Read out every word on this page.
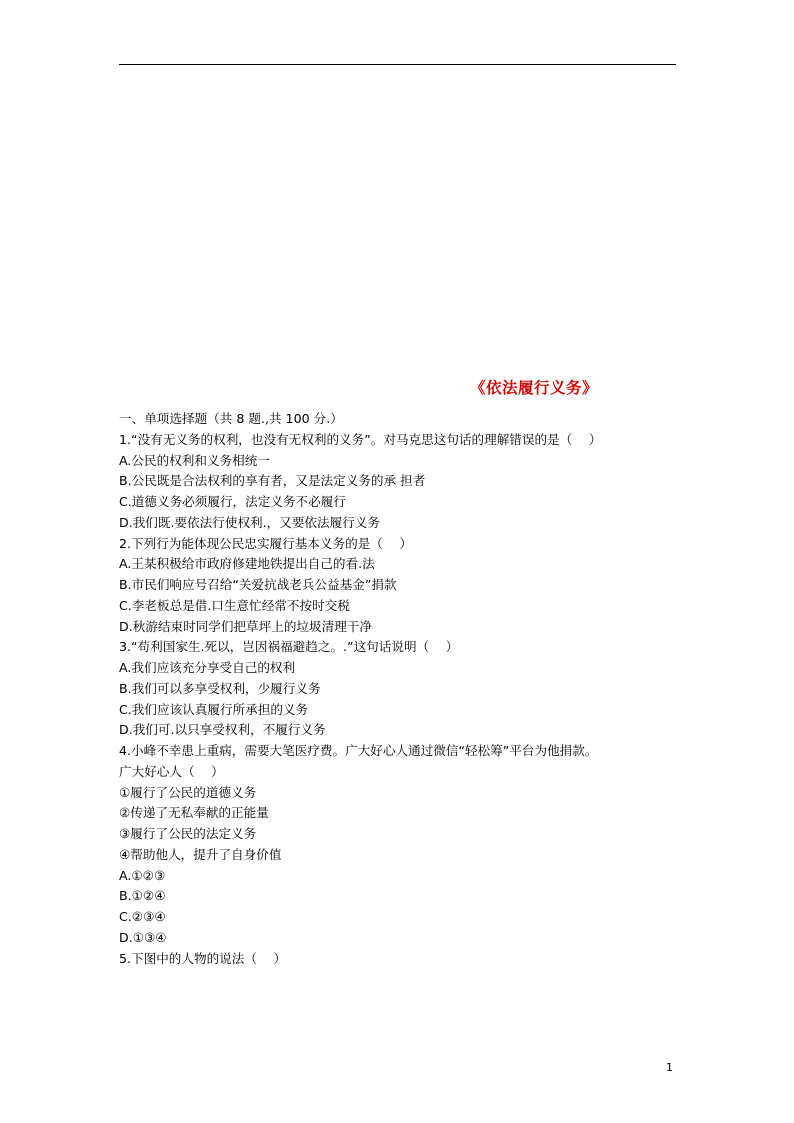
《依法履行义务》
一、单项选择题（共 8 题.,共 100 分.）
1.“没有无义务的权利，也没有无权利的义务”。对马克思这句话的理解错误的是（　 ）
A.公民的权利和义务相统一
B.公民既是合法权利的享有者，又是法定义务的承 担者
C.道德义务必须履行，法定义务不必履行
D.我们既.要依法行使权利.，又要依法履行义务
2.下列行为能体现公民忠实履行基本义务的是（　 ）
A.王某积极给市政府修建地铁提出自己的看.法
B.市民们响应号召给“关爱抗战老兵公益基金”捐款
C.李老板总是借.口生意忙经常不按时交税
D.秋游结束时同学们把草坪上的垃圾清理干净
3.“苟利国家生.死以，岂因祸福避趋之。.”这句话说明（　 ）
A.我们应该充分享受自己的权利
B.我们可以多享受权利，少履行义务
C.我们应该认真履行所承担的义务
D.我们可.以只享受权利，不履行义务
4.小峰不幸患上重病，需要大笔医疗费。广大好心人通过微信“轻松筹”平台为他捐款。
广大好心人（　 ）
①履行了公民的道德义务
②传递了无私奉献的正能量
③履行了公民的法定义务
④帮助他人，提升了自身价值
A.①②③
B.①②④
C.②③④
D.①③④
5.下图中的人物的说法（　 ）
1
